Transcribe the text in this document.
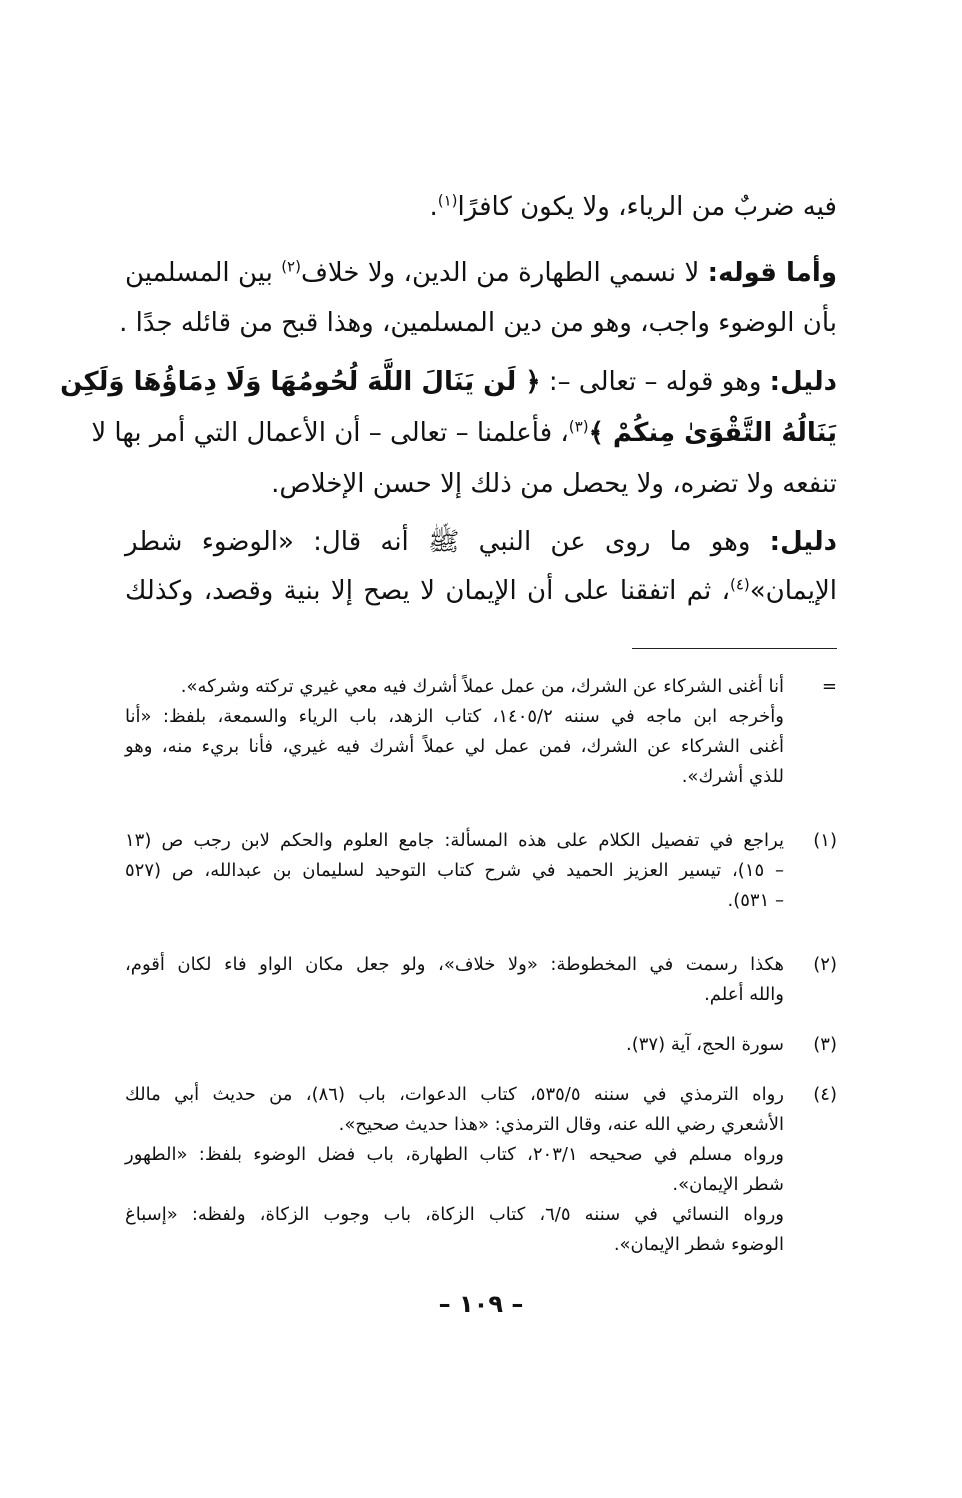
فيه ضربٌ من الرياء، ولا يكون كافرًا$^{(١)}$.
وأما قوله: لا نسمي الطهارة من الدين، ولا خلاف$^{(٢)}$ بين المسلمين
بأن الوضوء واجب، وهو من دين المسلمين، وهذا قبح من قائله جدًا .
دليل: وهو قوله – تعالى –: ﴿ لَن يَنَالَ اللَّهَ لُحُومُهَا وَلَا دِمَاؤُهَا وَلَكِن
يَنَالُهُ التَّقْوَىٰ مِنكُمْ ﴾$^{(٣)}$، فأعلمنا – تعالى – أن الأعمال التي أمر بها لا
تنفعه ولا تضره، ولا يحصل من ذلك إلا حسن الإخلاص.
دليل: وهو ما روى عن النبي ﷺ أنه قال: «الوضوء شطر
الإيمان»$^{(٤)}$، ثم اتفقنا على أن الإيمان لا يصح إلا بنية وقصد، وكذلك
=
أنا أغنى الشركاء عن الشرك، من عمل عملاً أشرك فيه معي غيري تركته وشركه».
وأخرجه ابن ماجه في سننه ١٤٠٥/٢، كتاب الزهد، باب الرياء والسمعة، بلفظ: «أنا
أغنى الشركاء عن الشرك، فمن عمل لي عملاً أشرك فيه غيري، فأنا بريء منه، وهو
للذي أشرك».
(١)
يراجع في تفصيل الكلام على هذه المسألة: جامع العلوم والحكم لابن رجب ص (١٣
– ١٥)، تيسير العزيز الحميد في شرح كتاب التوحيد لسليمان بن عبدالله، ص (٥٢٧
– ٥٣١).
(٢)
هكذا رسمت في المخطوطة: «ولا خلاف»، ولو جعل مكان الواو فاء لكان أقوم،
والله أعلم.
(٣)
سورة الحج، آية (٣٧).
(٤)
رواه الترمذي في سننه ٥٣٥/٥، كتاب الدعوات، باب (٨٦)، من حديث أبي مالك
الأشعري رضي الله عنه، وقال الترمذي: «هذا حديث صحيح».
ورواه مسلم في صحيحه ٢٠٣/١، كتاب الطهارة، باب فضل الوضوء بلفظ: «الطهور
شطر الإيمان».
ورواه النسائي في سننه ٦/٥، كتاب الزكاة، باب وجوب الزكاة، ولفظه: «إسباغ
الوضوء شطر الإيمان».
– ١٠٩ –
